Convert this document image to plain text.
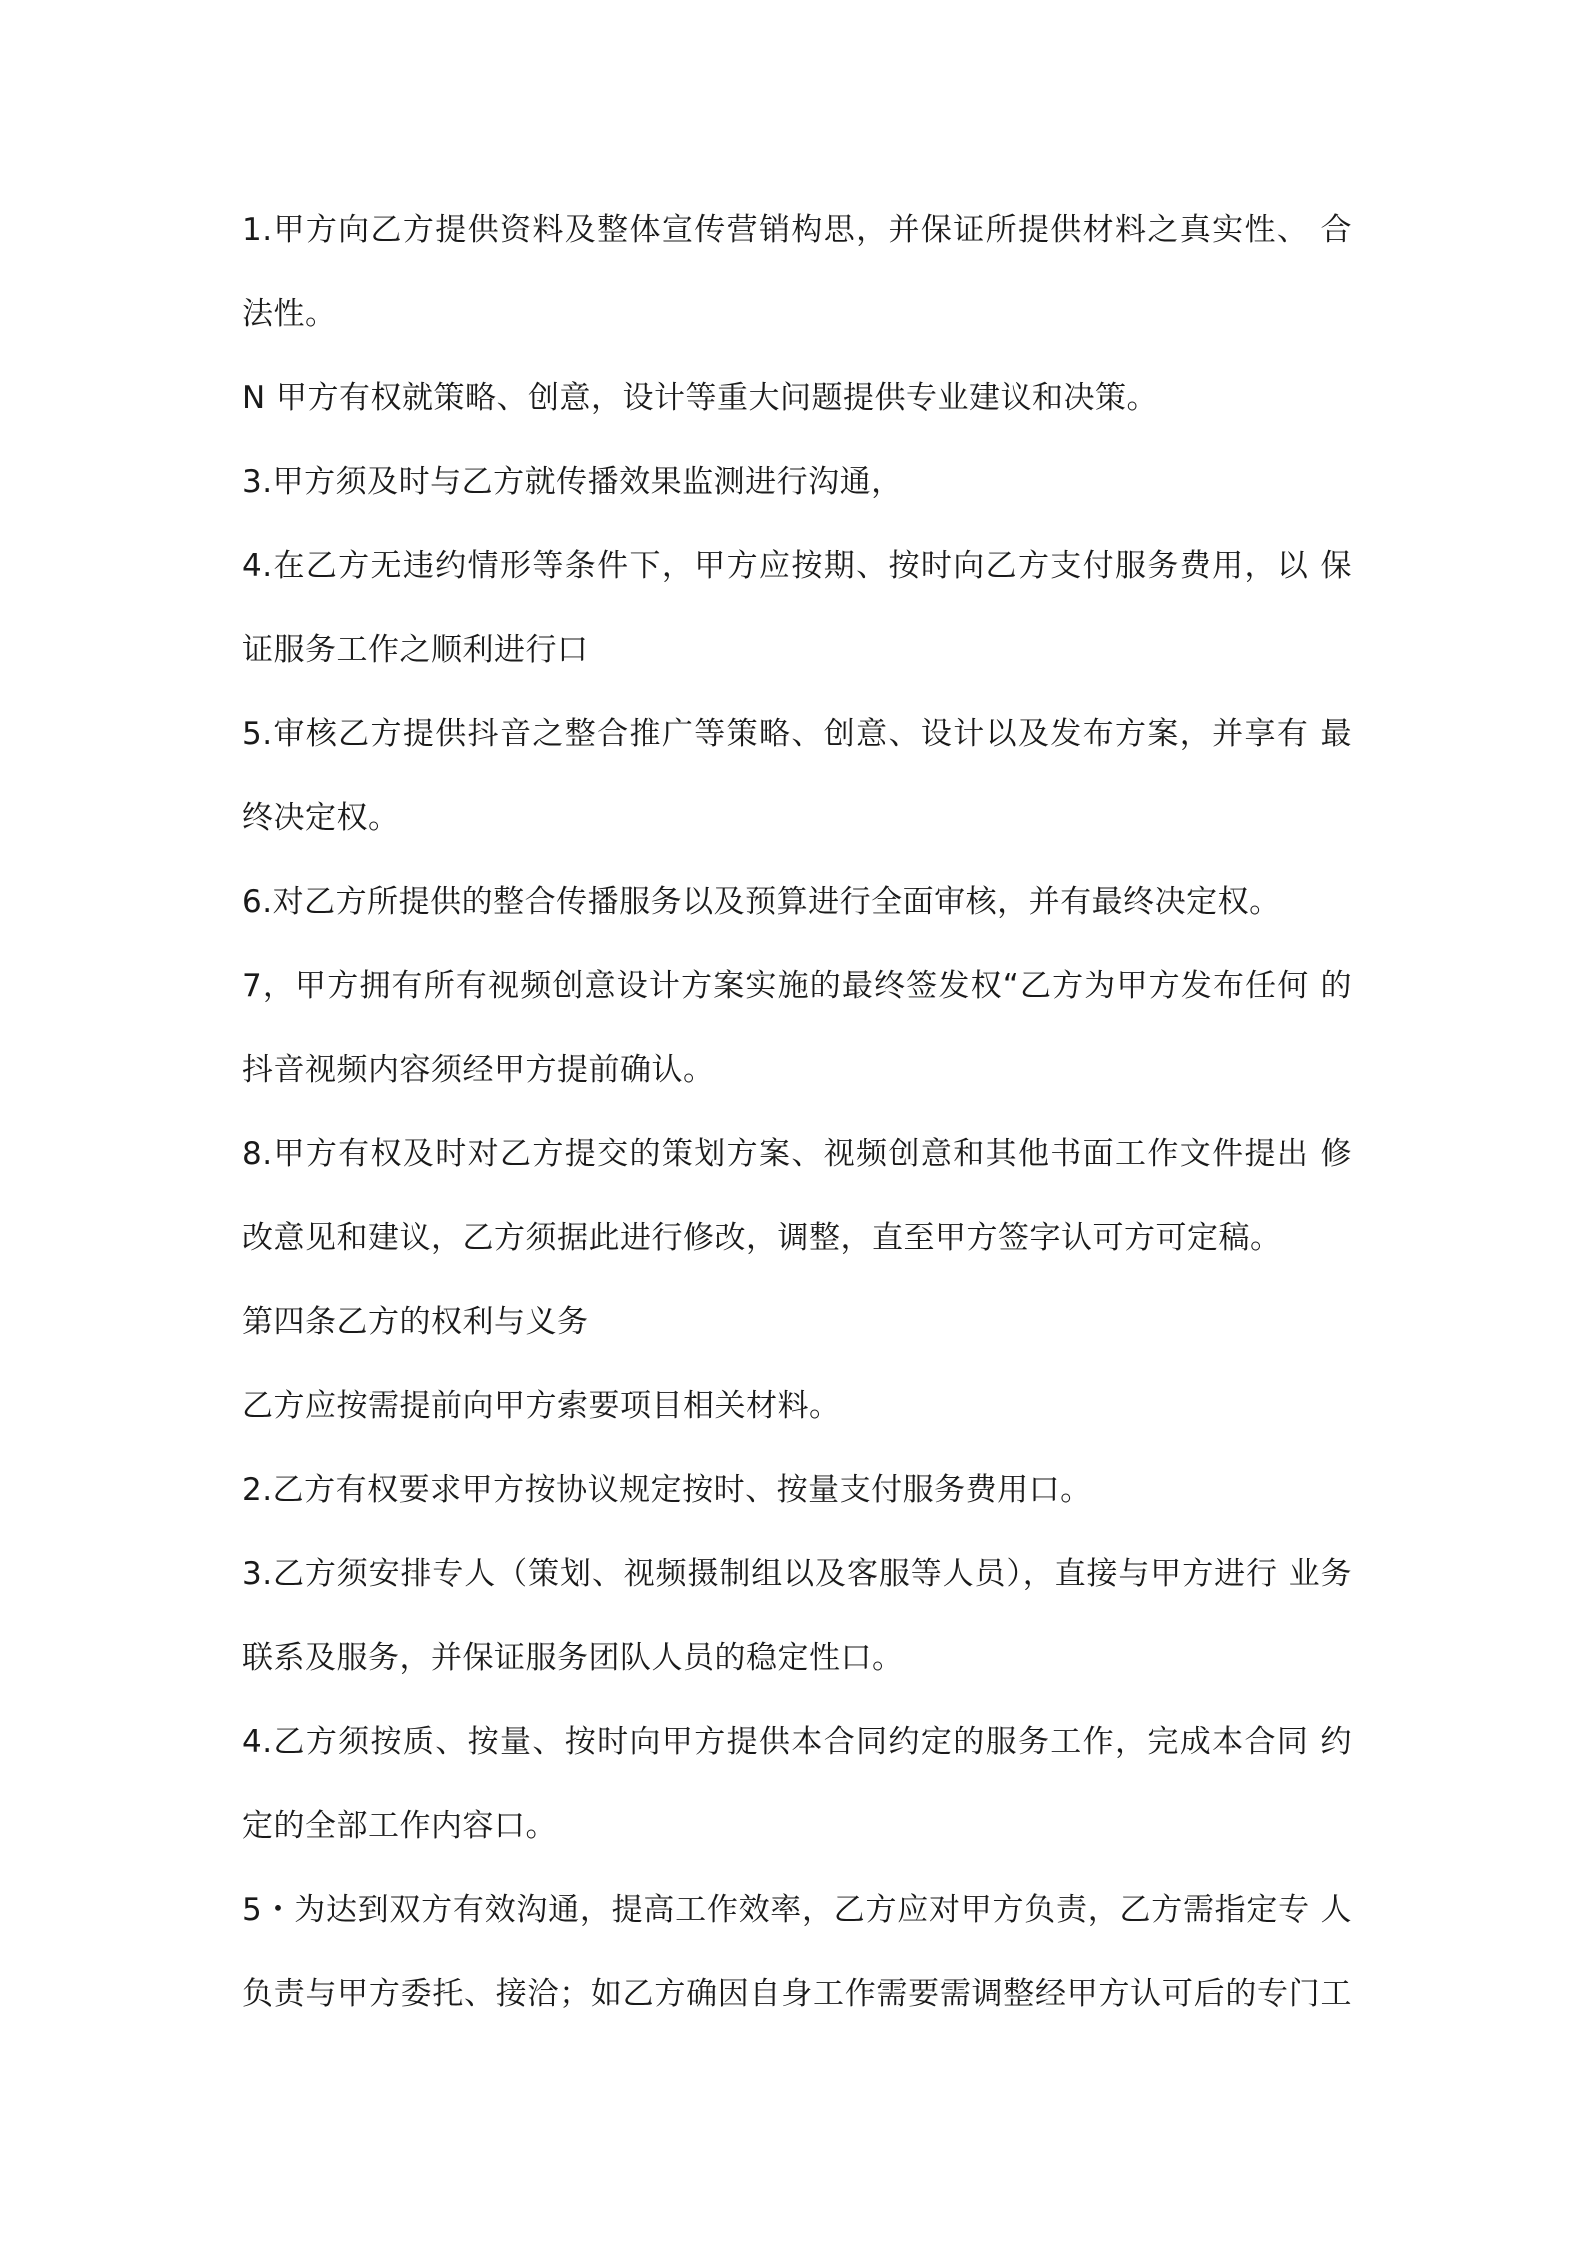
1.甲方向乙方提供资料及整体宣传营销构思，并保证所提供材料之真实性、 合
法性。
N 甲方有权就策略、创意，设计等重大问题提供专业建议和决策。
3.甲方须及时与乙方就传播效果监测进行沟通，
4.在乙方无违约情形等条件下，甲方应按期、按时向乙方支付服务费用，以 保
证服务工作之顺利进行口
5.审核乙方提供抖音之整合推广等策略、创意、设计以及发布方案，并享有 最
终决定权。
6.对乙方所提供的整合传播服务以及预算进行全面审核，并有最终决定权。
7，甲方拥有所有视频创意设计方案实施的最终签发权“乙方为甲方发布任何 的
抖音视频内容须经甲方提前确认。
8.甲方有权及时对乙方提交的策划方案、视频创意和其他书面工作文件提出 修
改意见和建议，乙方须据此进行修改，调整，直至甲方签字认可方可定稿。
第四条乙方的权利与义务
乙方应按需提前向甲方索要项目相关材料。
2.乙方有权要求甲方按协议规定按时、按量支付服务费用口。
3.乙方须安排专人（策划、视频摄制组以及客服等人员），直接与甲方进行 业务
联系及服务，并保证服务团队人员的稳定性口。
4.乙方须按质、按量、按时向甲方提供本合同约定的服务工作，完成本合同 约
定的全部工作内容口。
5・为达到双方有效沟通，提高工作效率，乙方应对甲方负责，乙方需指定专 人
负责与甲方委托、接洽；如乙方确因自身工作需要需调整经甲方认可后的专门工
